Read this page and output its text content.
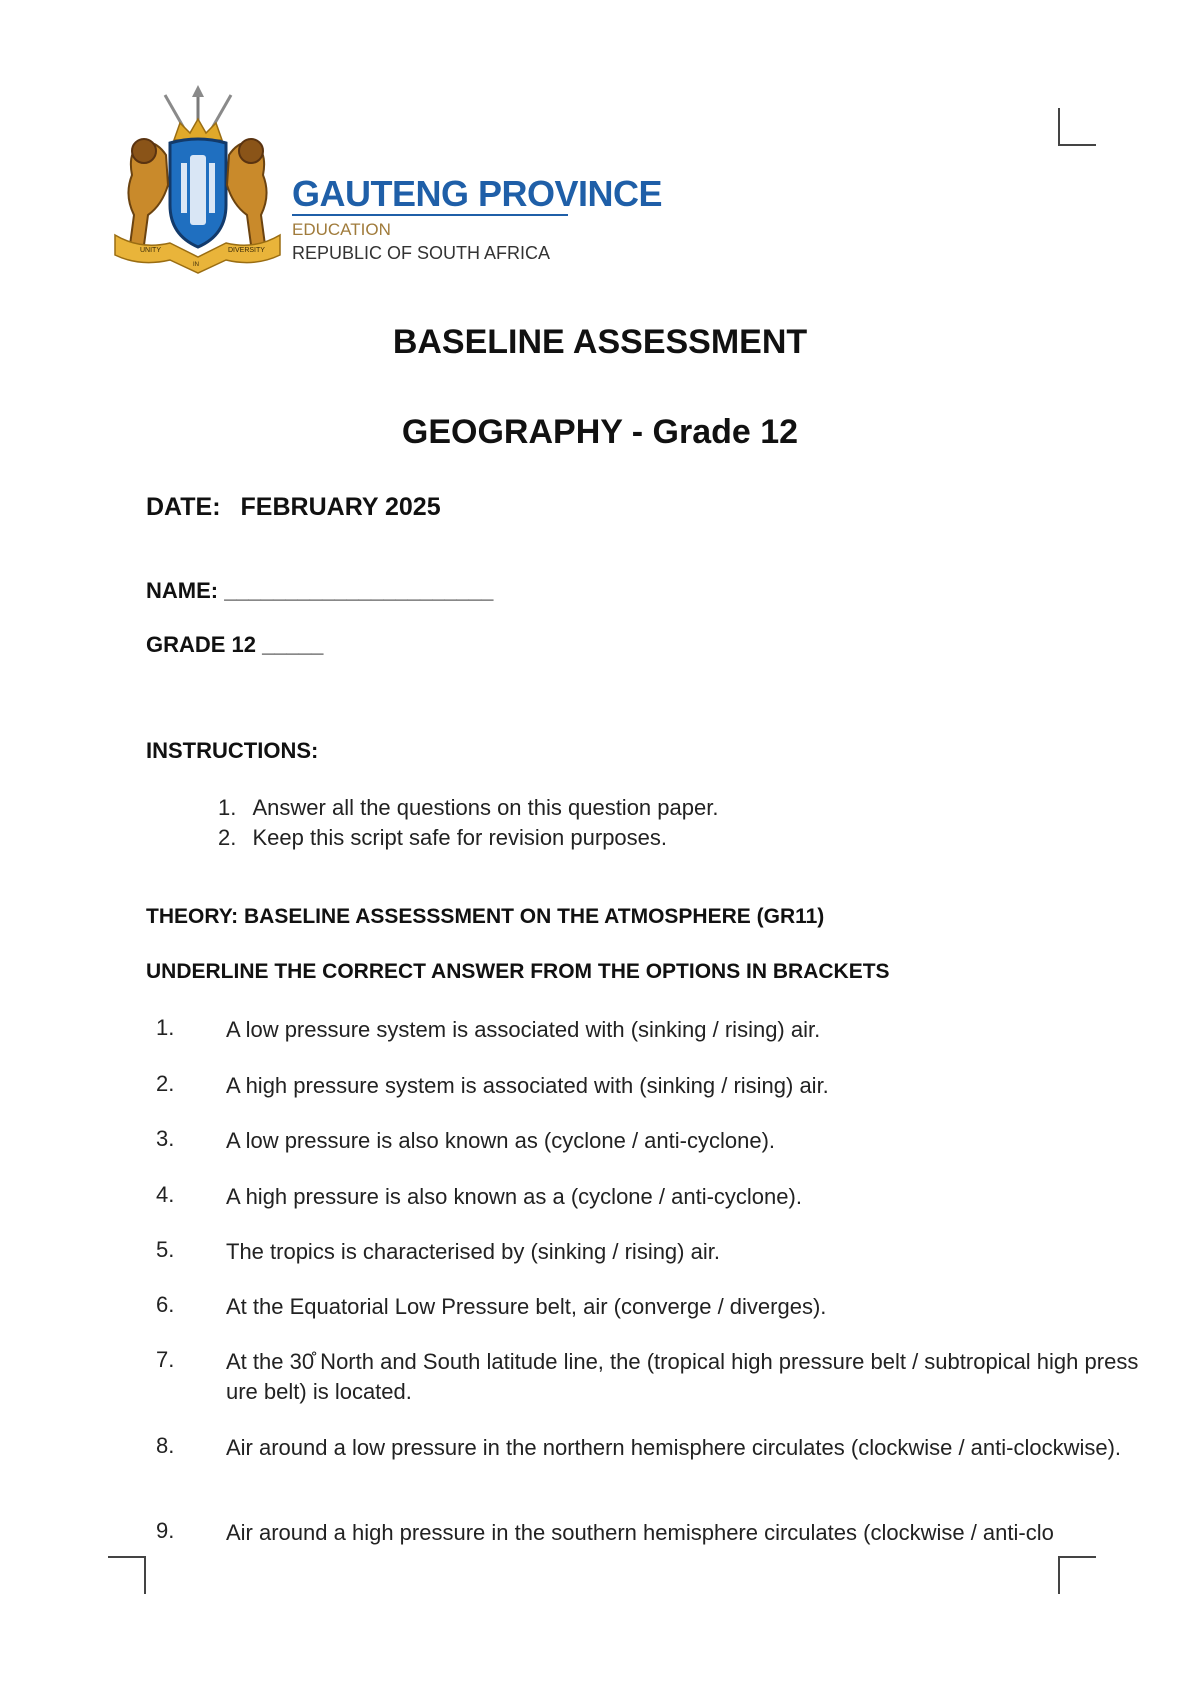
UNITY
IN
DIVERSITY
GAUTENG PROVINCE
EDUCATION
REPUBLIC OF SOUTH AFRICA
BASELINE ASSESSMENT
GEOGRAPHY - Grade 12
DATE: FEBRUARY 2025
NAME: ______________________
GRADE 12 _____
INSTRUCTIONS:
1. Answer all the questions on this question paper.
2. Keep this script safe for revision purposes.
THEORY: BASELINE ASSESSSMENT ON THE ATMOSPHERE (GR11)
UNDERLINE THE CORRECT ANSWER FROM THE OPTIONS IN BRACKETS
1. A low pressure system is associated with (sinking / rising) air.
2. A high pressure system is associated with (sinking / rising) air.
3. A low pressure is also known as (cyclone / anti-cyclone).
4. A high pressure is also known as a (cyclone / anti-cyclone).
5. The tropics is characterised by (sinking / rising) air.
6. At the Equatorial Low Pressure belt, air (converge / diverges).
7. At the 30̊ North and South latitude line, the (tropical high pressure belt / subtropical high pressure belt) is located.
8. Air around a low pressure in the northern hemisphere circulates (clockwise / anti-clockwise).
9. Air around a high pressure in the southern hemisphere circulates (clockwise / anti-clo
